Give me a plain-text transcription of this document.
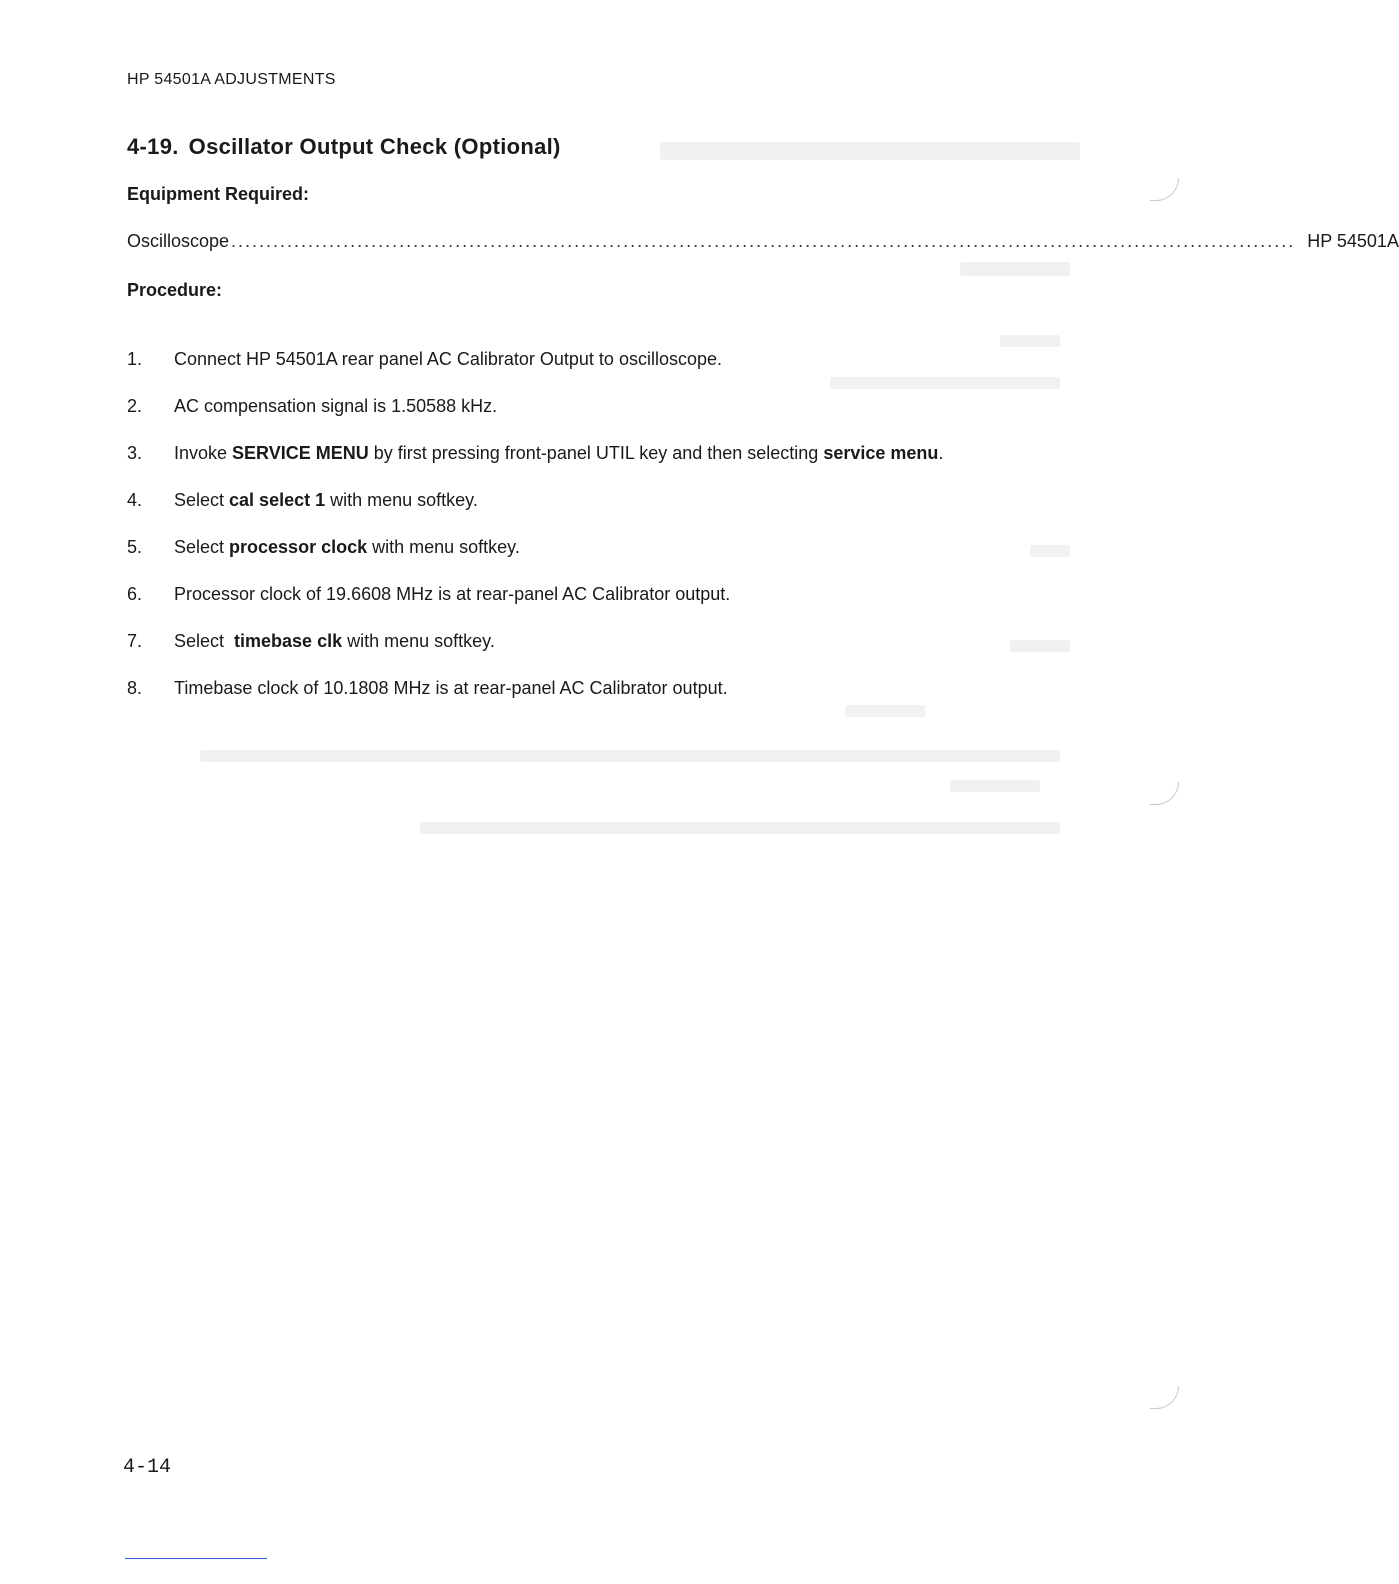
HP 54501A ADJUSTMENTS
4-19. Oscillator Output Check (Optional)
Equipment Required:
Oscilloscope ........................................................................................................................................................ HP 54501A
Procedure:
1. Connect HP 54501A rear panel AC Calibrator Output to oscilloscope.
2. AC compensation signal is 1.50588 kHz.
3. Invoke SERVICE MENU by first pressing front-panel UTIL key and then selecting service menu.
4. Select cal select 1 with menu softkey.
5. Select processor clock with menu softkey.
6. Processor clock of 19.6608 MHz is at rear-panel AC Calibrator output.
7. Select  timebase clk with menu softkey.
8. Timebase clock of 10.1808 MHz is at rear-panel AC Calibrator output.
4-14
